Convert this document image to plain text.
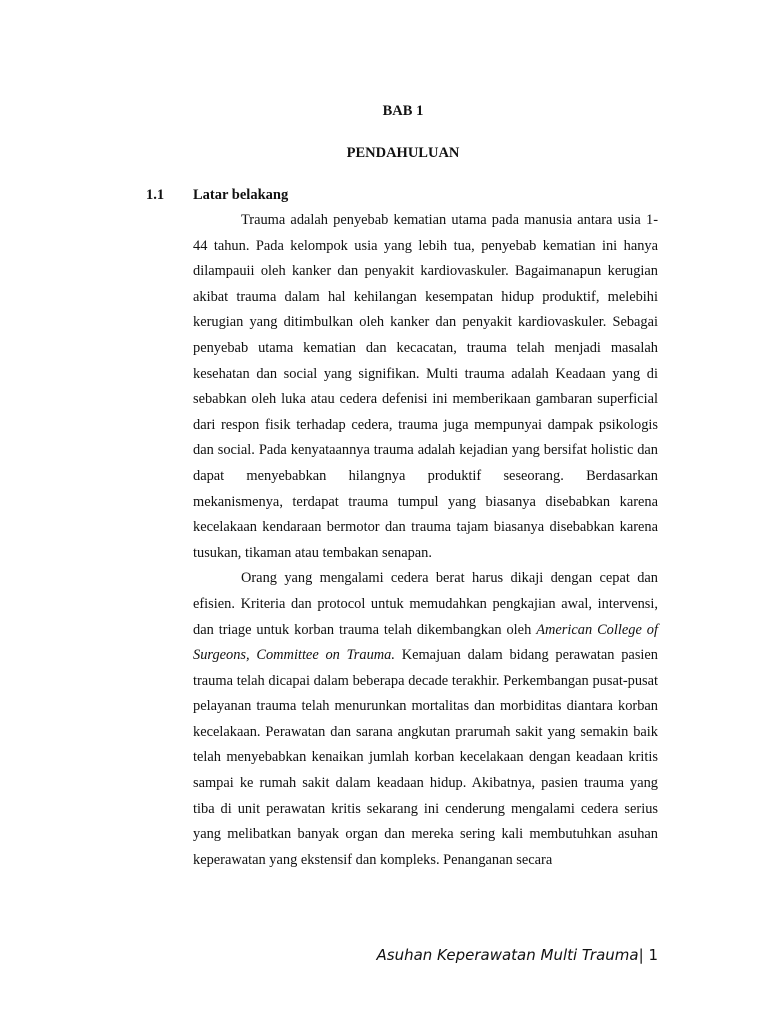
BAB 1
PENDAHULUAN
1.1 Latar belakang

Trauma adalah penyebab kematian utama pada manusia antara usia 1-44 tahun. Pada kelompok usia yang lebih tua, penyebab kematian ini hanya dilampauii oleh kanker dan penyakit kardiovaskuler. Bagaimanapun kerugian akibat trauma dalam hal kehilangan kesempatan hidup produktif, melebihi kerugian yang ditimbulkan oleh kanker dan penyakit kardiovaskuler. Sebagai penyebab utama kematian dan kecacatan, trauma telah menjadi masalah kesehatan dan social yang signifikan. Multi trauma adalah Keadaan yang di sebabkan oleh luka atau cedera defenisi ini memberikaan gambaran superficial dari respon fisik terhadap cedera, trauma juga mempunyai dampak psikologis dan social. Pada kenyataannya trauma adalah kejadian yang bersifat holistic dan dapat menyebabkan hilangnya produktif seseorang. Berdasarkan mekanismenya, terdapat trauma tumpul yang biasanya disebabkan karena kecelakaan kendaraan bermotor dan trauma tajam biasanya disebabkan karena tusukan, tikaman atau tembakan senapan.

Orang yang mengalami cedera berat harus dikaji dengan cepat dan efisien. Kriteria dan protocol untuk memudahkan pengkajian awal, intervensi, dan triage untuk korban trauma telah dikembangkan oleh American College of Surgeons, Committee on Trauma. Kemajuan dalam bidang perawatan pasien trauma telah dicapai dalam beberapa decade terakhir. Perkembangan pusat-pusat pelayanan trauma telah menurunkan mortalitas dan morbiditas diantara korban kecelakaan. Perawatan dan sarana angkutan prarumah sakit yang semakin baik telah menyebabkan kenaikan jumlah korban kecelakaan dengan keadaan kritis sampai ke rumah sakit dalam keadaan hidup. Akibatnya, pasien trauma yang tiba di unit perawatan kritis sekarang ini cenderung mengalami cedera serius yang melibatkan banyak organ dan mereka sering kali membutuhkan asuhan keperawatan yang ekstensif dan kompleks. Penanganan secara

Asuhan Keperawatan Multi Trauma| 1
